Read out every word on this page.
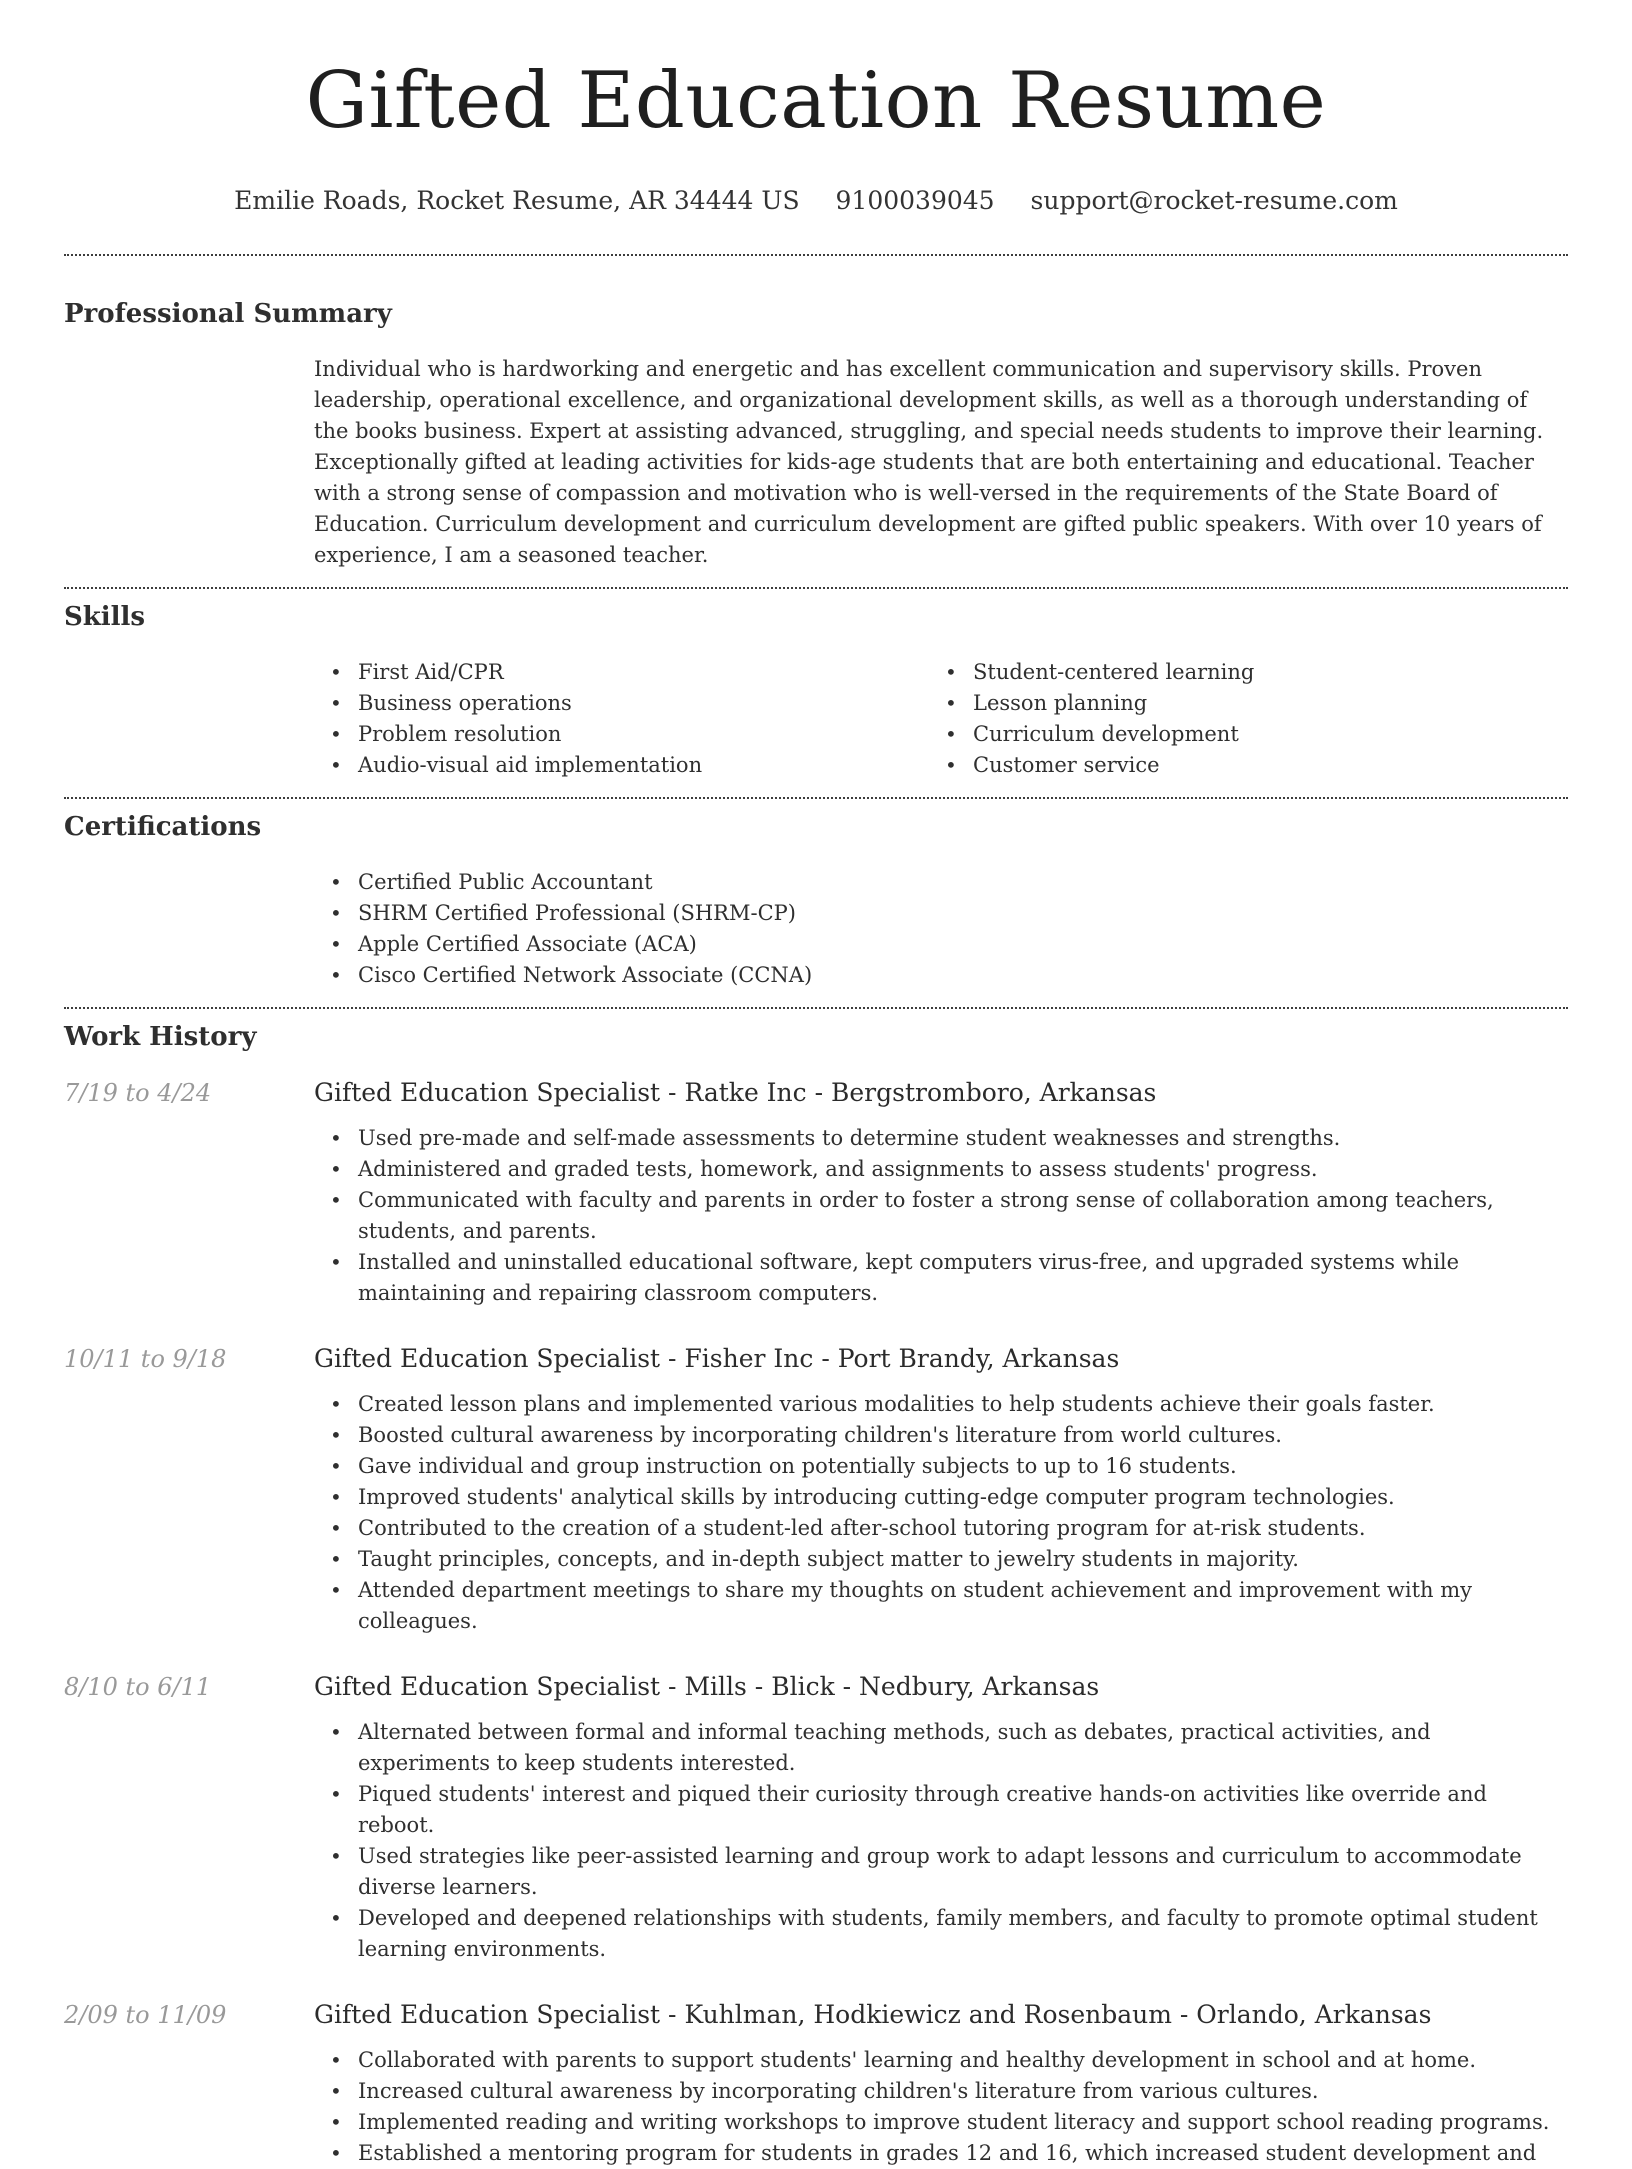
Gifted Education Resume
Emilie Roads, Rocket Resume, AR 34444 US 9100039045 support@rocket-resume.com
Professional Summary

Individual who is hardworking and energetic and has excellent communication and supervisory skills. Proven leadership, operational excellence, and organizational development skills, as well as a thorough understanding of the books business. Expert at assisting advanced, struggling, and special needs students to improve their learning. Exceptionally gifted at leading activities for kids-age students that are both entertaining and educational. Teacher with a strong sense of compassion and motivation who is well-versed in the requirements of the State Board of Education. Curriculum development and curriculum development are gifted public speakers. With over 10 years of experience, I am a seasoned teacher.

Skills
• First Aid/CPR
• Business operations
• Problem resolution
• Audio-visual aid implementation
• Student-centered learning
• Lesson planning
• Curriculum development
• Customer service
Certifications
• Certified Public Accountant
• SHRM Certified Professional (SHRM-CP)
• Apple Certified Associate (ACA)
• Cisco Certified Network Associate (CCNA)
Work History
7/19 to 4/24	Gifted Education Specialist - Ratke Inc - Bergstromboro, Arkansas
• Used pre-made and self-made assessments to determine student weaknesses and strengths.
• Administered and graded tests, homework, and assignments to assess students' progress.
• Communicated with faculty and parents in order to foster a strong sense of collaboration among teachers, students, and parents.
• Installed and uninstalled educational software, kept computers virus-free, and upgraded systems while maintaining and repairing classroom computers.
10/11 to 9/18	Gifted Education Specialist - Fisher Inc - Port Brandy, Arkansas
• Created lesson plans and implemented various modalities to help students achieve their goals faster.
• Boosted cultural awareness by incorporating children's literature from world cultures.
• Gave individual and group instruction on potentially subjects to up to 16 students.
• Improved students' analytical skills by introducing cutting-edge computer program technologies.
• Contributed to the creation of a student-led after-school tutoring program for at-risk students.
• Taught principles, concepts, and in-depth subject matter to jewelry students in majority.
• Attended department meetings to share my thoughts on student achievement and improvement with my colleagues.
8/10 to 6/11	Gifted Education Specialist - Mills - Blick - Nedbury, Arkansas
• Alternated between formal and informal teaching methods, such as debates, practical activities, and experiments to keep students interested.
• Piqued students' interest and piqued their curiosity through creative hands-on activities like override and reboot.
• Used strategies like peer-assisted learning and group work to adapt lessons and curriculum to accommodate diverse learners.
• Developed and deepened relationships with students, family members, and faculty to promote optimal student learning environments.
2/09 to 11/09	Gifted Education Specialist - Kuhlman, Hodkiewicz and Rosenbaum - Orlando, Arkansas
• Collaborated with parents to support students' learning and healthy development in school and at home.
• Increased cultural awareness by incorporating children's literature from various cultures.
• Implemented reading and writing workshops to improve student literacy and support school reading programs.
• Established a mentoring program for students in grades 12 and 16, which increased student development and
